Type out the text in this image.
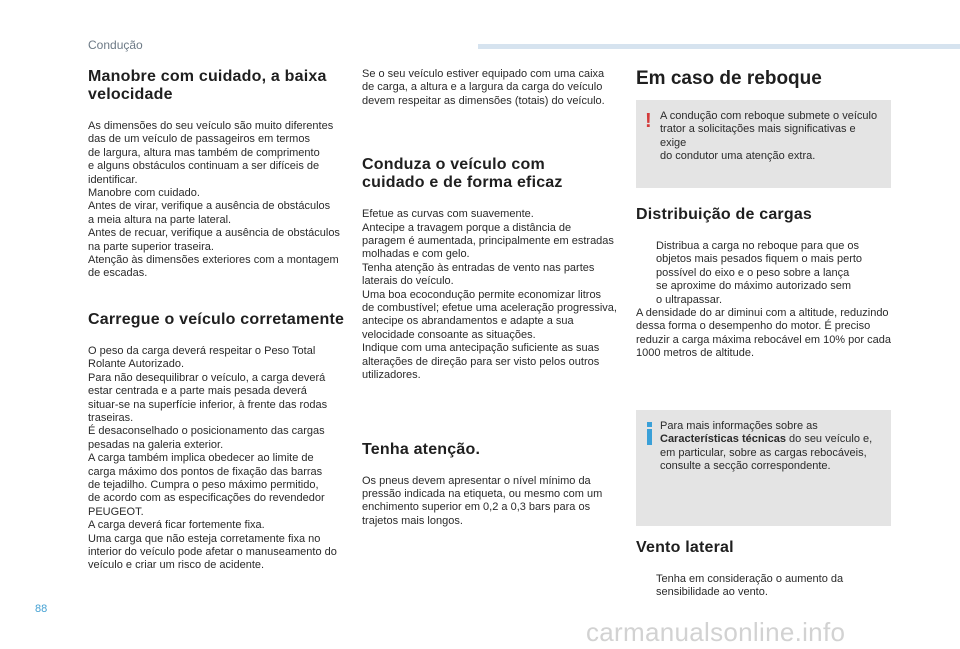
Condução
Manobre com cuidado, a baixa velocidade

As dimensões do seu veículo são muito diferentes

das de um veículo de passageiros em termos

de largura, altura mas também de comprimento

e alguns obstáculos continuam a ser difíceis de

identificar.

Manobre com cuidado.

Antes de virar, verifique a ausência de obstáculos

a meia altura na parte lateral.

Antes de recuar, verifique a ausência de obstáculos

na parte superior traseira.

Atenção às dimensões exteriores com a montagem

de escadas.

Carregue o veículo corretamente

O peso da carga deverá respeitar o Peso Total

Rolante Autorizado.

Para não desequilibrar o veículo, a carga deverá

estar centrada e a parte mais pesada deverá

situar-se na superfície inferior, à frente das rodas

traseiras.

É desaconselhado o posicionamento das cargas

pesadas na galeria exterior.

A carga também implica obedecer ao limite de

carga máximo dos pontos de fixação das barras

de tejadilho. Cumpra o peso máximo permitido,

de acordo com as especificações do revendedor

PEUGEOT.

A carga deverá ficar fortemente fixa.

Uma carga que não esteja corretamente fixa no

interior do veículo pode afetar o manuseamento do

veículo e criar um risco de acidente.

Se o seu veículo estiver equipado com uma caixa

de carga, a altura e a largura da carga do veículo

devem respeitar as dimensões (totais) do veículo.

Conduza o veículo com cuidado e de forma eficaz

Efetue as curvas com suavemente.

Antecipe a travagem porque a distância de

paragem é aumentada, principalmente em estradas

molhadas e com gelo.

Tenha atenção às entradas de vento nas partes

laterais do veículo.

Uma boa ecocondução permite economizar litros

de combustível; efetue uma aceleração progressiva,

antecipe os abrandamentos e adapte a sua

velocidade consoante as situações.

Indique com uma antecipação suficiente as suas

alterações de direção para ser visto pelos outros

utilizadores.

Tenha atenção.

Os pneus devem apresentar o nível mínimo da

pressão indicada na etiqueta, ou mesmo com um

enchimento superior em 0,2 a 0,3 bars para os

trajetos mais longos.

Em caso de reboque
! A condução com reboque submete o veículo

trator a solicitações mais significativas e exige

do condutor uma atenção extra.

Distribuição de cargas

Distribua a carga no reboque para que os

objetos mais pesados fiquem o mais perto

possível do eixo e o peso sobre a lança

se aproxime do máximo autorizado sem

o ultrapassar.

A densidade do ar diminui com a altitude, reduzindo

dessa forma o desempenho do motor. É preciso

reduzir a carga máxima rebocável em 10% por cada

1000 metros de altitude.

Para mais informações sobre as

Características técnicas do seu veículo e,

em particular, sobre as cargas rebocáveis,

consulte a secção correspondente.

Vento lateral

Tenha em consideração o aumento da

sensibilidade ao vento.

88
carmanualsonline.info
